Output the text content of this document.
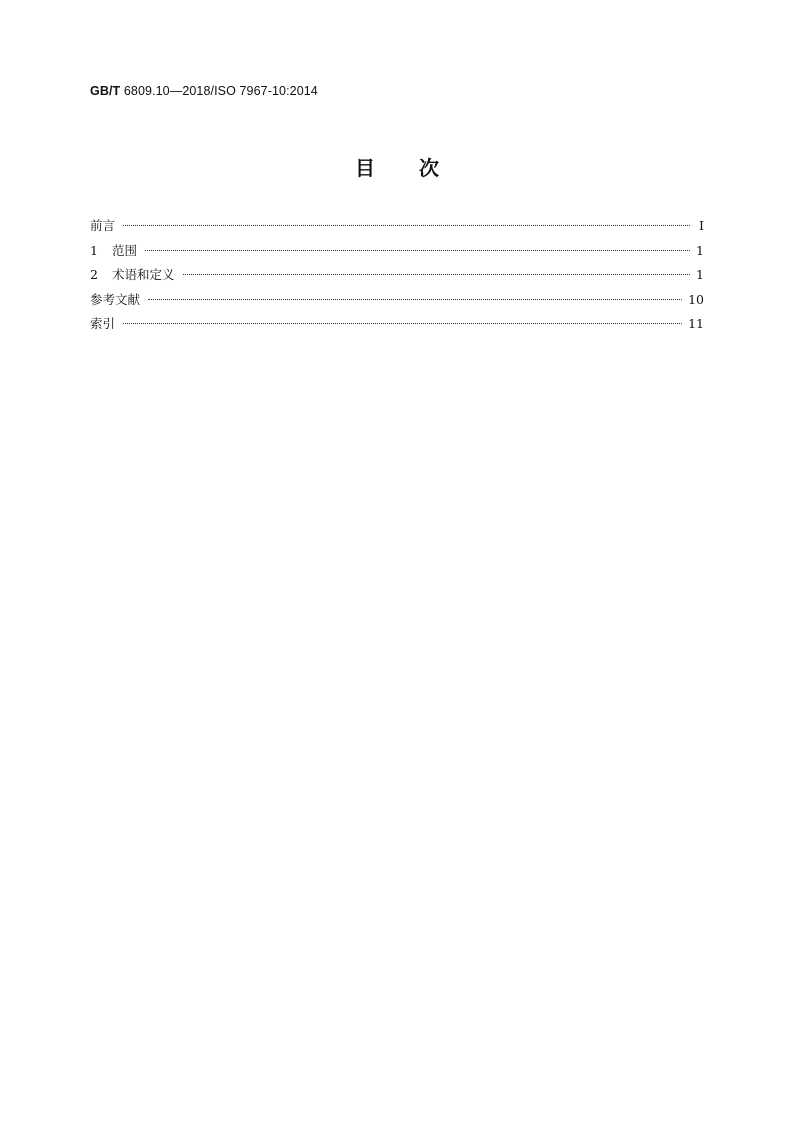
GB/T 6809.10—2018/ISO 7967-10:2014
目 次
前言	Ⅰ
1 范围	1
2 术语和定义	1
参考文献	10
索引	11
